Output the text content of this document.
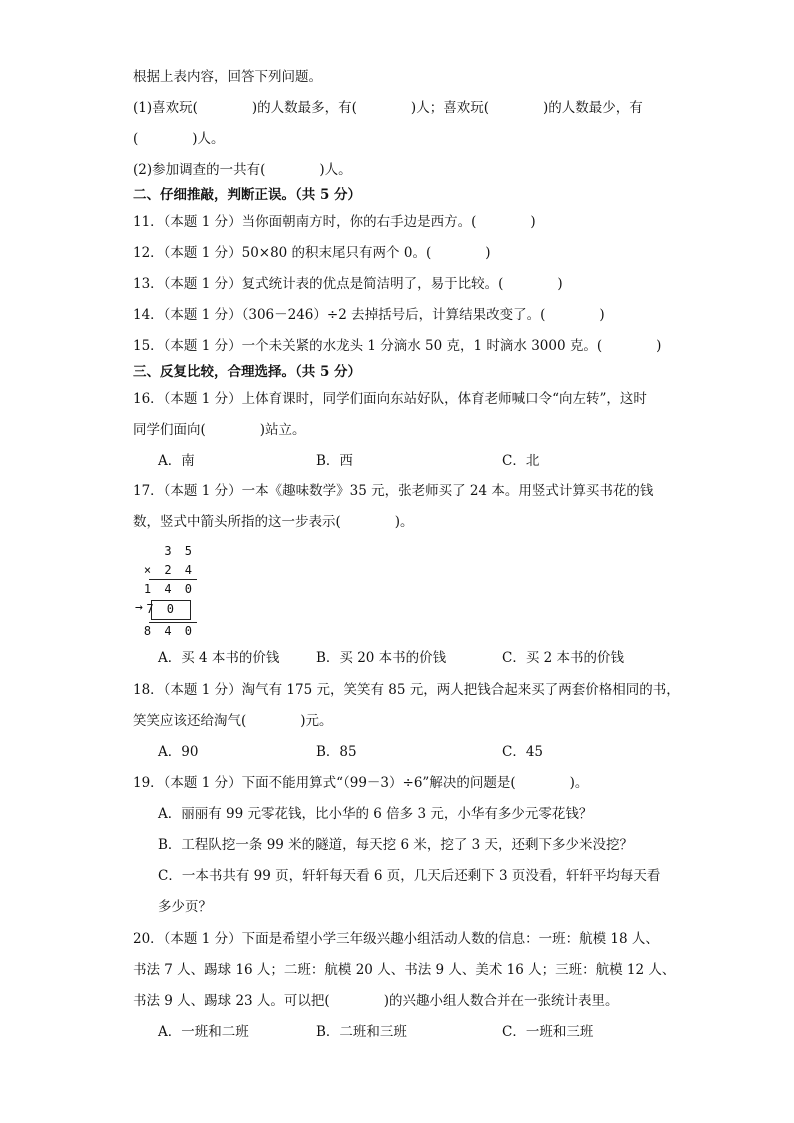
根据上表内容，回答下列问题。
(1)喜欢玩(　　　　)的人数最多，有(　　　　)人；喜欢玩(　　　　)的人数最少，有
(　　　　)人。
(2)参加调查的一共有(　　　　)人。
二、仔细推敲，判断正误。（共 5 分）
11．（本题 1 分）当你面朝南方时，你的右手边是西方。(　　　　)
12．（本题 1 分）50×80 的积末尾只有两个 0。(　　　　)
13．（本题 1 分）复式统计表的优点是简洁明了，易于比较。(　　　　)
14．（本题 1 分）（306－246）÷2 去掉括号后，计算结果改变了。(　　　　)
15．（本题 1 分）一个未关紧的水龙头 1 分滴水 50 克，1 时滴水 3000 克。(　　　　)
三、反复比较，合理选择。（共 5 分）
16．（本题 1 分）上体育课时，同学们面向东站好队，体育老师喊口令“向左转”，这时
同学们面向(　　　　)站立。
A．南	B．西	C．北
17．（本题 1 分）一本《趣味数学》35 元，张老师买了 24 本。用竖式计算买书花的钱
数，竖式中箭头所指的这一步表示(　　　　)。
3 5
× 2 4
1 4 0
→ 7 0
8 4 0
A．买 4 本书的价钱	B．买 20 本书的价钱	C．买 2 本书的价钱
18．（本题 1 分）淘气有 175 元，笑笑有 85 元，两人把钱合起来买了两套价格相同的书，
笑笑应该还给淘气(　　　　)元。
A．90	B．85	C．45
19．（本题 1 分）下面不能用算式“（99－3）÷6”解决的问题是(　　　　)。
A．丽丽有 99 元零花钱，比小华的 6 倍多 3 元，小华有多少元零花钱？
B．工程队挖一条 99 米的隧道，每天挖 6 米，挖了 3 天，还剩下多少米没挖？
C．一本书共有 99 页，轩轩每天看 6 页，几天后还剩下 3 页没看，轩轩平均每天看
多少页？
20．（本题 1 分）下面是希望小学三年级兴趣小组活动人数的信息：一班：航模 18 人、
书法 7 人、踢球 16 人；二班：航模 20 人、书法 9 人、美术 16 人；三班：航模 12 人、
书法 9 人、踢球 23 人。可以把(　　　　)的兴趣小组人数合并在一张统计表里。
A．一班和二班	B．二班和三班	C．一班和三班
